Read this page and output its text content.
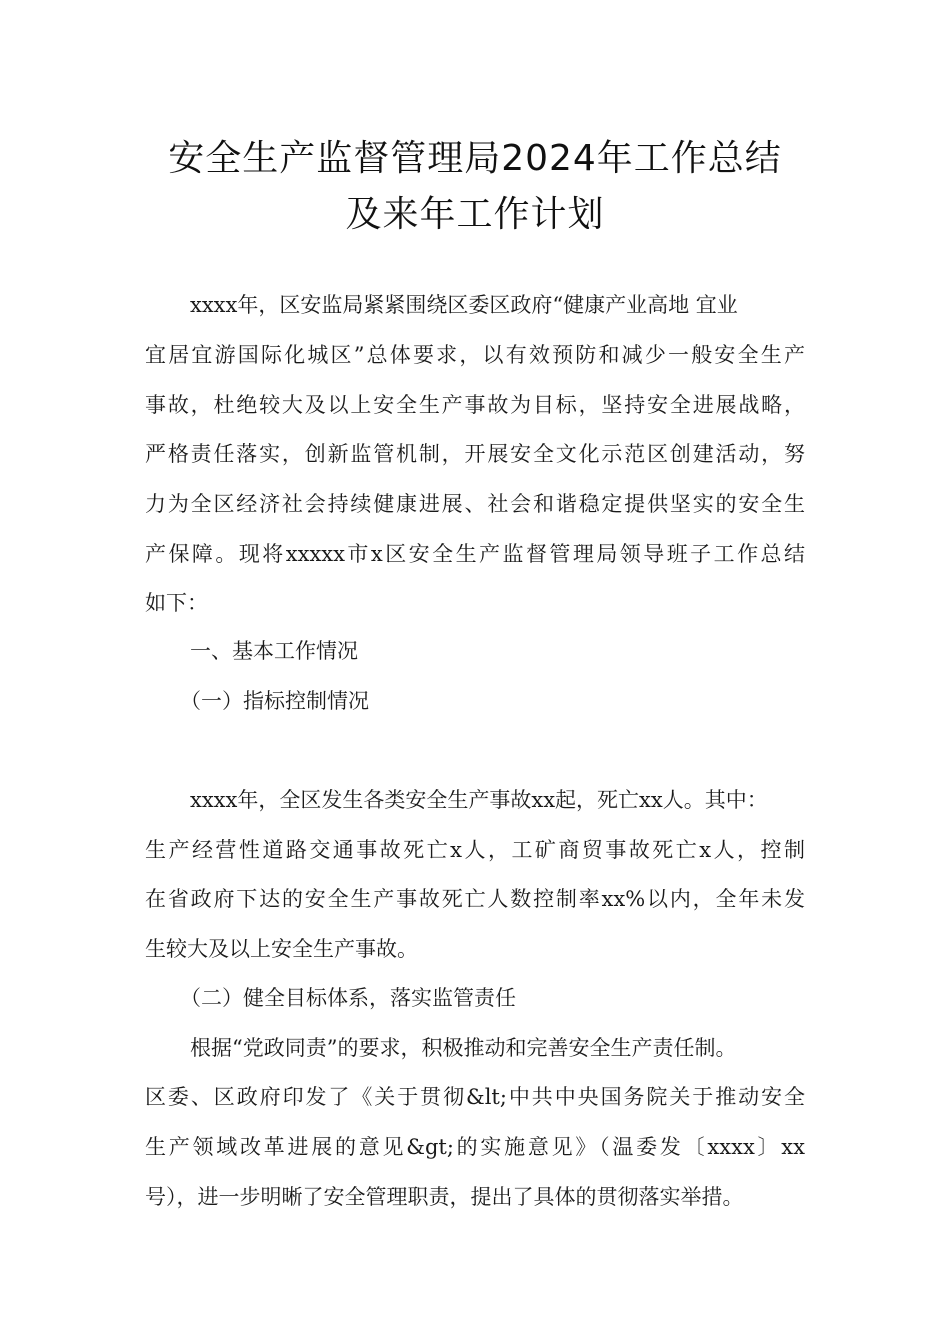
安全生产监督管理局2024年工作总结
及来年工作计划
xxxx年，区安监局紧紧围绕区委区政府“健康产业高地 宜业
宜居宜游国际化城区”总体要求，以有效预防和减少一般安全生产
事故，杜绝较大及以上安全生产事故为目标，坚持安全进展战略，
严格责任落实，创新监管机制，开展安全文化示范区创建活动，努
力为全区经济社会持续健康进展、社会和谐稳定提供坚实的安全生
产保障。现将xxxxx市x区安全生产监督管理局领导班子工作总结
如下：
一、基本工作情况
（一）指标控制情况
xxxx年，全区发生各类安全生产事故xx起，死亡xx人。其中：
生产经营性道路交通事故死亡x人，工矿商贸事故死亡x人，控制
在省政府下达的安全生产事故死亡人数控制率xx%以内，全年未发
生较大及以上安全生产事故。
（二）健全目标体系，落实监管责任
根据“党政同责”的要求，积极推动和完善安全生产责任制。
区委、区政府印发了《关于贯彻&lt;中共中央国务院关于推动安全
生产领域改革进展的意见&gt;的实施意见》（温委发〔xxxx〕xx
号），进一步明晰了安全管理职责，提出了具体的贯彻落实举措。
